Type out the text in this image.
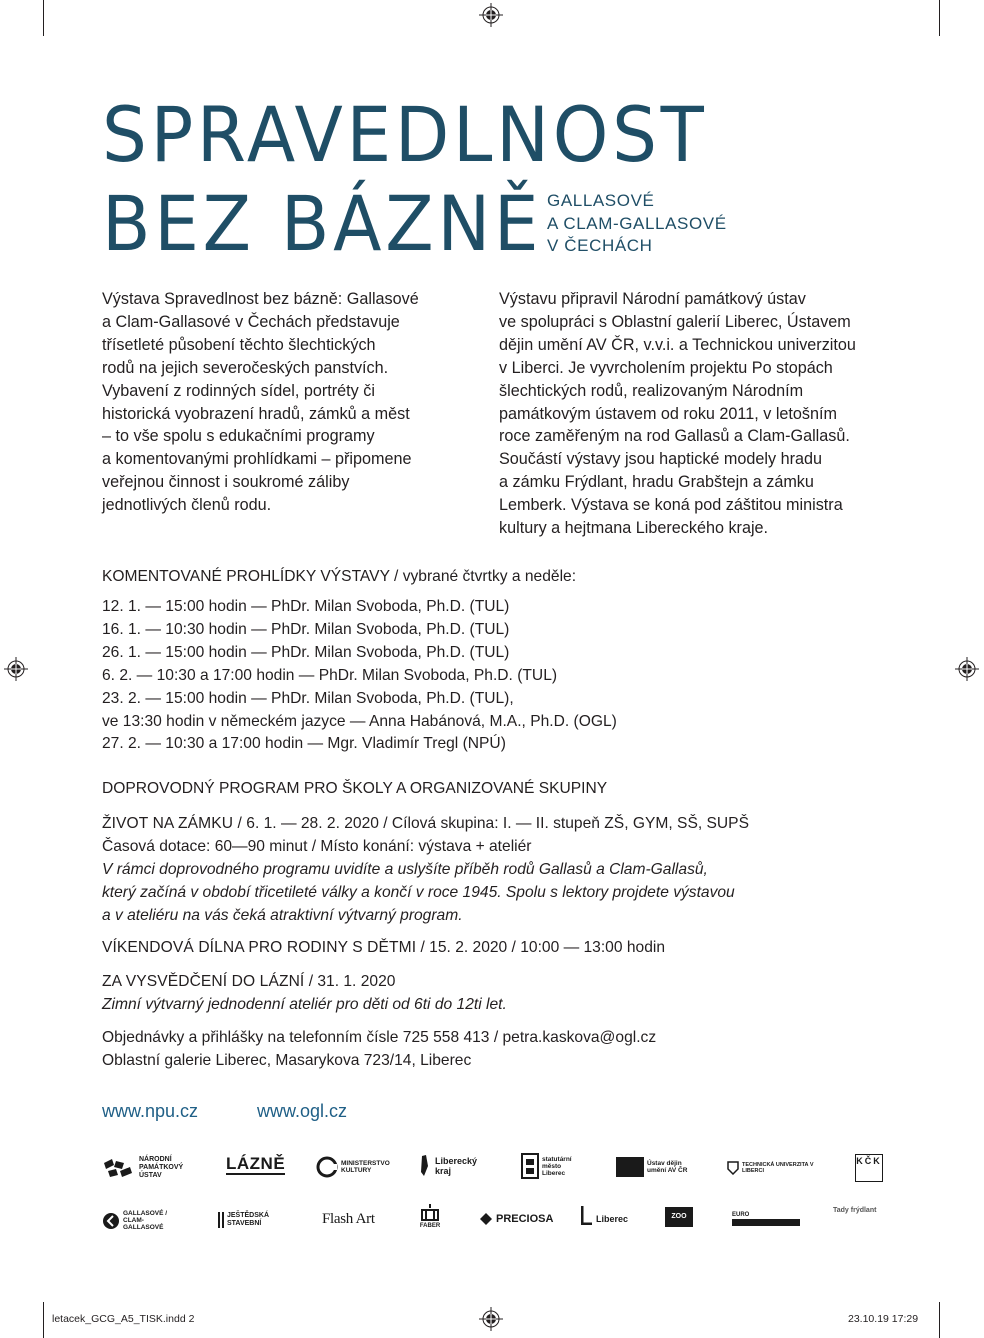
SPRAVEDLNOST
BEZ BÁZNĚ GALLASOVÉ
A CLAM-GALLASOVÉ
V ČECHÁCH
Výstava Spravedlnost bez bázně: Gallasové
a Clam-Gallasové v Čechách představuje
třísetleté působení těchto šlechtických
rodů na jejich severočeských panstvích.
Vybavení z rodinných sídel, portréty či
historická vyobrazení hradů, zámků a měst
– to vše spolu s edukačními programy
a komentovanými prohlídkami – připomene
veřejnou činnost i soukromé záliby
jednotlivých členů rodu.
Výstavu připravil Národní památkový ústav
ve spolupráci s Oblastní galerií Liberec, Ústavem
dějin umění AV ČR, v.v.i. a Technickou univerzitou
v Liberci. Je vyvrcholením projektu Po stopách
šlechtických rodů, realizovaným Národním
památkovým ústavem od roku 2011, v letošním
roce zaměřeným na rod Gallasů a Clam-Gallasů.
Součástí výstavy jsou haptické modely hradu
a zámku Frýdlant, hradu Grabštejn a zámku
Lemberk. Výstava se koná pod záštitou ministra
kultury a hejtmana Libereckého kraje.
KOMENTOVANÉ PROHLÍDKY VÝSTAVY / vybrané čtvrtky a neděle:
12. 1. — 15:00 hodin — PhDr. Milan Svoboda, Ph.D. (TUL)
16. 1. — 10:30 hodin — PhDr. Milan Svoboda, Ph.D. (TUL)
26. 1. — 15:00 hodin — PhDr. Milan Svoboda, Ph.D. (TUL)
6. 2. — 10:30 a 17:00 hodin — PhDr. Milan Svoboda, Ph.D. (TUL)
23. 2. — 15:00 hodin — PhDr. Milan Svoboda, Ph.D. (TUL),
ve 13:30 hodin v německém jazyce — Anna Habánová, M.A., Ph.D. (OGL)
27. 2. — 10:30 a 17:00 hodin — Mgr. Vladimír Tregl (NPÚ)
DOPROVODNÝ PROGRAM PRO ŠKOLY A ORGANIZOVANÉ SKUPINY
ŽIVOT NA ZÁMKU / 6. 1. — 28. 2. 2020 / Cílová skupina: I. — II. stupeň ZŠ, GYM, SŠ, SUPŠ
Časová dotace: 60—90 minut / Místo konání: výstava + ateliér
V rámci doprovodného programu uvidíte a uslyšíte příběh rodů Gallasů a Clam-Gallasů,
který začíná v období třicetileté války a končí v roce 1945. Spolu s lektory projdete výstavou
a v ateliéru na vás čeká atraktivní výtvarný program.
VÍKENDOVÁ DÍLNA PRO RODINY S DĚTMI / 15. 2. 2020 / 10:00 — 13:00 hodin
ZA VYSVĚDČENÍ DO LÁZNÍ / 31. 1. 2020
Zimní výtvarný jednodenní ateliér pro děti od 6ti do 12ti let.
Objednávky a přihlášky na telefonním čísle 725 558 413 / petra.kaskova@ogl.cz
Oblastní galerie Liberec, Masarykova 723/14, Liberec
www.npu.cz	www.ogl.cz
NÁRODNÍ PAMÁTKOVÝ ÚSTAV
LÁZNĚ	MINISTERSTVO KULTURY
Liberecký kraj
statutární město Liberec
Ústav dějin umění AV ČR
TECHNICKÁ UNIVERZITA V LIBERCI
KČK
GALLASOVÉ / CLAM-GALLASOVÉ
JEŠTĚDSKÁ STAVEBNÍ	Flash Art	FABER
PRECIOSA	Liberec	ZOO	EURO
Tady frýdlant
letacek_GCG_A5_TISK.indd 2	23.10.19 17:29
